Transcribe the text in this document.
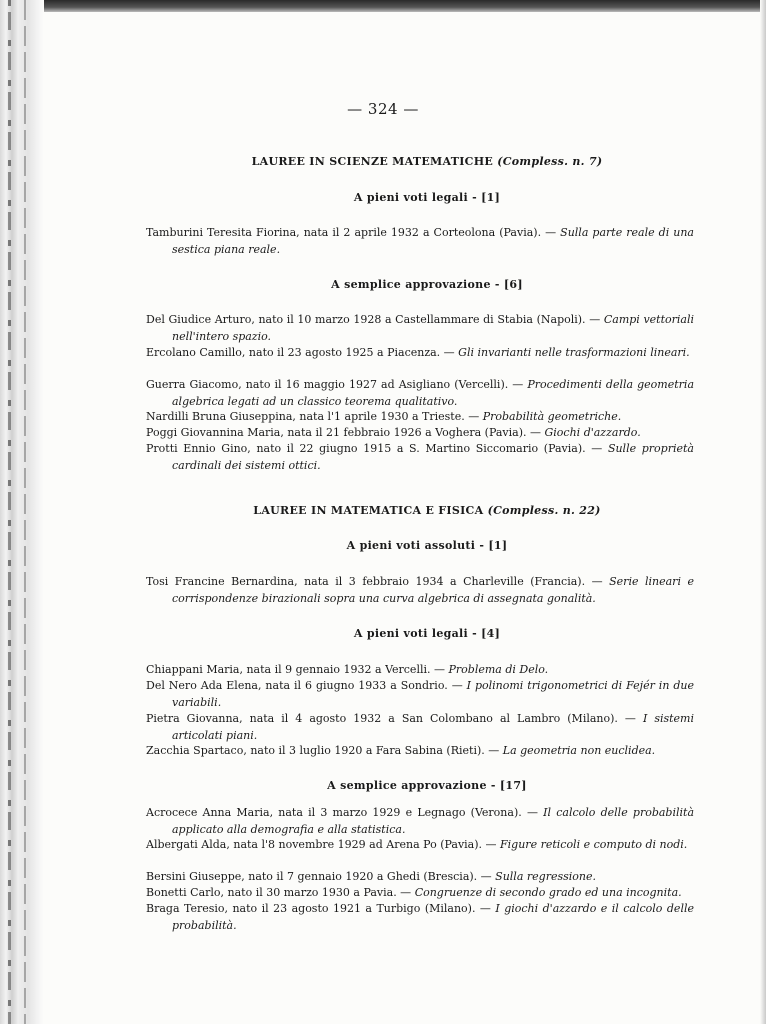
— 324 —
LAUREE IN SCIENZE MATEMATICHE (Compless. n. 7)
A pieni voti legali - [1]
Tamburini Teresita Fiorina, nata il 2 aprile 1932 a Corteolona (Pavia). — Sulla parte reale di una sestica piana reale.
A semplice approvazione - [6]
Del Giudice Arturo, nato il 10 marzo 1928 a Castellammare di Stabia (Napoli). — Campi vettoriali nell'intero spazio.
Ercolano Camillo, nato il 23 agosto 1925 a Piacenza. — Gli invarianti nelle trasformazioni lineari.
Guerra Giacomo, nato il 16 maggio 1927 ad Asigliano (Vercelli). — Procedimenti della geometria algebrica legati ad un classico teorema qualitativo.
Nardilli Bruna Giuseppina, nata l'1 aprile 1930 a Trieste. — Probabilità geometriche.
Poggi Giovannina Maria, nata il 21 febbraio 1926 a Voghera (Pavia). — Giochi d'azzardo.
Protti Ennio Gino, nato il 22 giugno 1915 a S. Martino Siccomario (Pavia). — Sulle proprietà cardinali dei sistemi ottici.
LAUREE IN MATEMATICA E FISICA (Compless. n. 22)
A pieni voti assoluti - [1]
Tosi Francine Bernardina, nata il 3 febbraio 1934 a Charleville (Francia). — Serie lineari e corrispondenze birazionali sopra una curva algebrica di assegnata gonalità.
A pieni voti legali - [4]
Chiappani Maria, nata il 9 gennaio 1932 a Vercelli. — Problema di Delo.
Del Nero Ada Elena, nata il 6 giugno 1933 a Sondrio. — I polinomi trigonometrici di Fejér in due variabili.
Pietra Giovanna, nata il 4 agosto 1932 a San Colombano al Lambro (Milano). — I sistemi articolati piani.
Zacchia Spartaco, nato il 3 luglio 1920 a Fara Sabina (Rieti). — La geometria non euclidea.
A semplice approvazione - [17]
Acrocece Anna Maria, nata il 3 marzo 1929 e Legnago (Verona). — Il calcolo delle probabilità applicato alla demografia e alla statistica.
Albergati Alda, nata l'8 novembre 1929 ad Arena Po (Pavia). — Figure reticoli e computo di nodi.
Bersini Giuseppe, nato il 7 gennaio 1920 a Ghedi (Brescia). — Sulla regressione.
Bonetti Carlo, nato il 30 marzo 1930 a Pavia. — Congruenze di secondo grado ed una incognita.
Braga Teresio, nato il 23 agosto 1921 a Turbigo (Milano). — I giochi d'azzardo e il calcolo delle probabilità.
